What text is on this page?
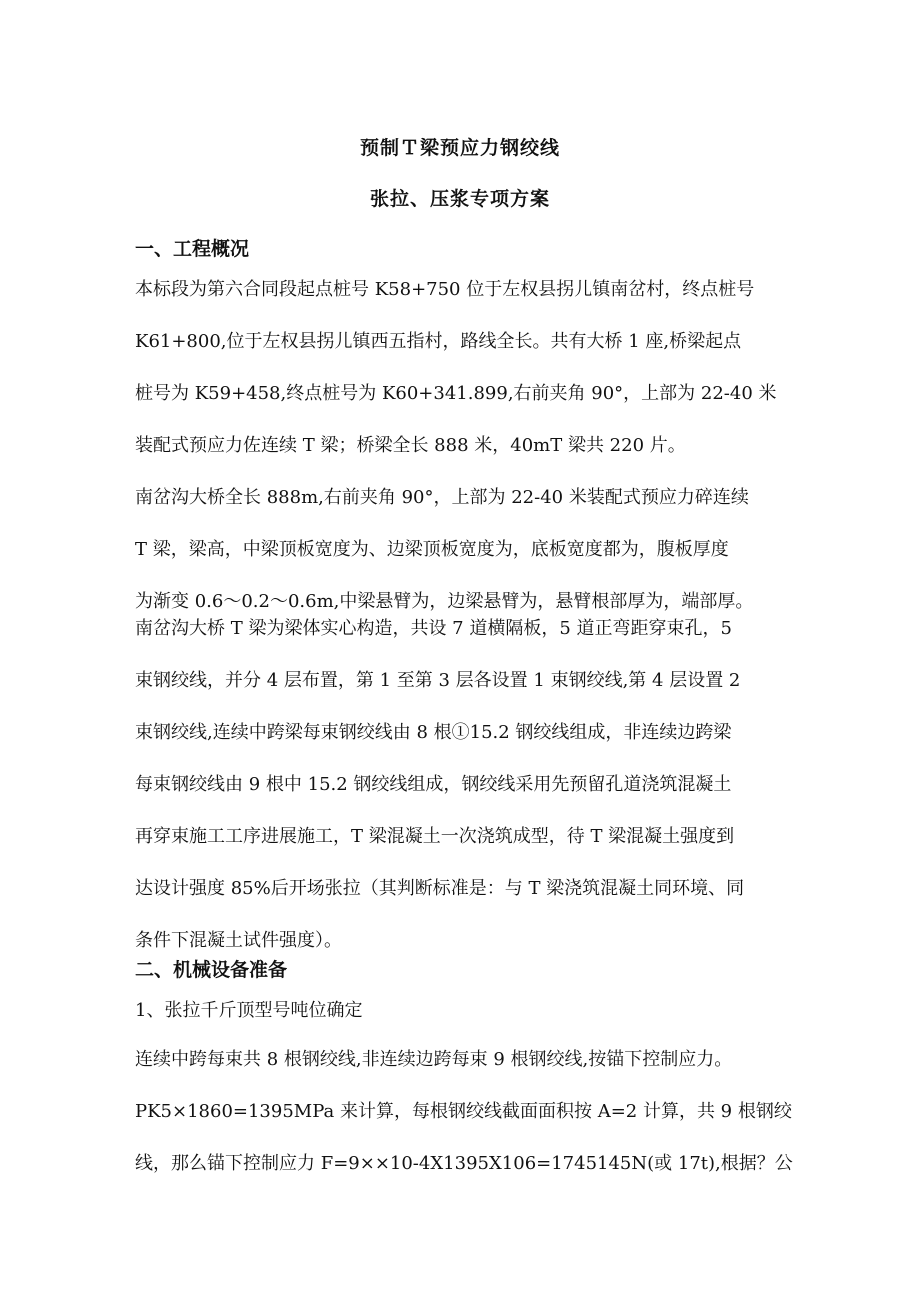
预制Ｔ梁预应力钢绞线
张拉、压浆专项方案
一、工程概况
本标段为第六合同段起点桩号 K58+750 位于左权县拐儿镇南岔村，终点桩号
K61+800,位于左权县拐儿镇西五指村，路线全长。共有大桥 1 座,桥梁起点
桩号为 K59+458,终点桩号为 K60+341.899,右前夹角 90°，上部为 22-40 米
装配式预应力佐连续 T 梁；桥梁全长 888 米，40mT 梁共 220 片。
南岔沟大桥全长 888m,右前夹角 90°，上部为 22-40 米装配式预应力碎连续
T 梁，梁高，中梁顶板宽度为、边梁顶板宽度为，底板宽度都为，腹板厚度
为渐变 0.6～0.2～0.6m,中梁悬臂为，边梁悬臂为，悬臂根部厚为，端部厚。
南岔沟大桥 T 梁为梁体实心构造，共设 7 道横隔板，5 道正弯距穿束孔，5
束钢绞线，并分 4 层布置，第 1 至第 3 层各设置 1 束钢绞线,第 4 层设置 2
束钢绞线,连续中跨梁每束钢绞线由 8 根①15.2 钢绞线组成，非连续边跨梁
每束钢绞线由 9 根中 15.2 钢绞线组成，钢绞线采用先预留孔道浇筑混凝土
再穿束施工工序进展施工，T 梁混凝土一次浇筑成型，待 T 梁混凝土强度到
达设计强度 85%后开场张拉（其判断标准是：与 T 梁浇筑混凝土同环境、同
条件下混凝土试件强度）。
二、机械设备准备
1、张拉千斤顶型号吨位确定
连续中跨每束共 8 根钢绞线,非连续边跨每束 9 根钢绞线,按锚下控制应力。
PK5×1860=1395MPa 来计算，每根钢绞线截面面积按 A=2 计算，共 9 根钢绞
线，那么锚下控制应力 F=9××10-4X1395X106=1745145N(或 17t),根据？公
